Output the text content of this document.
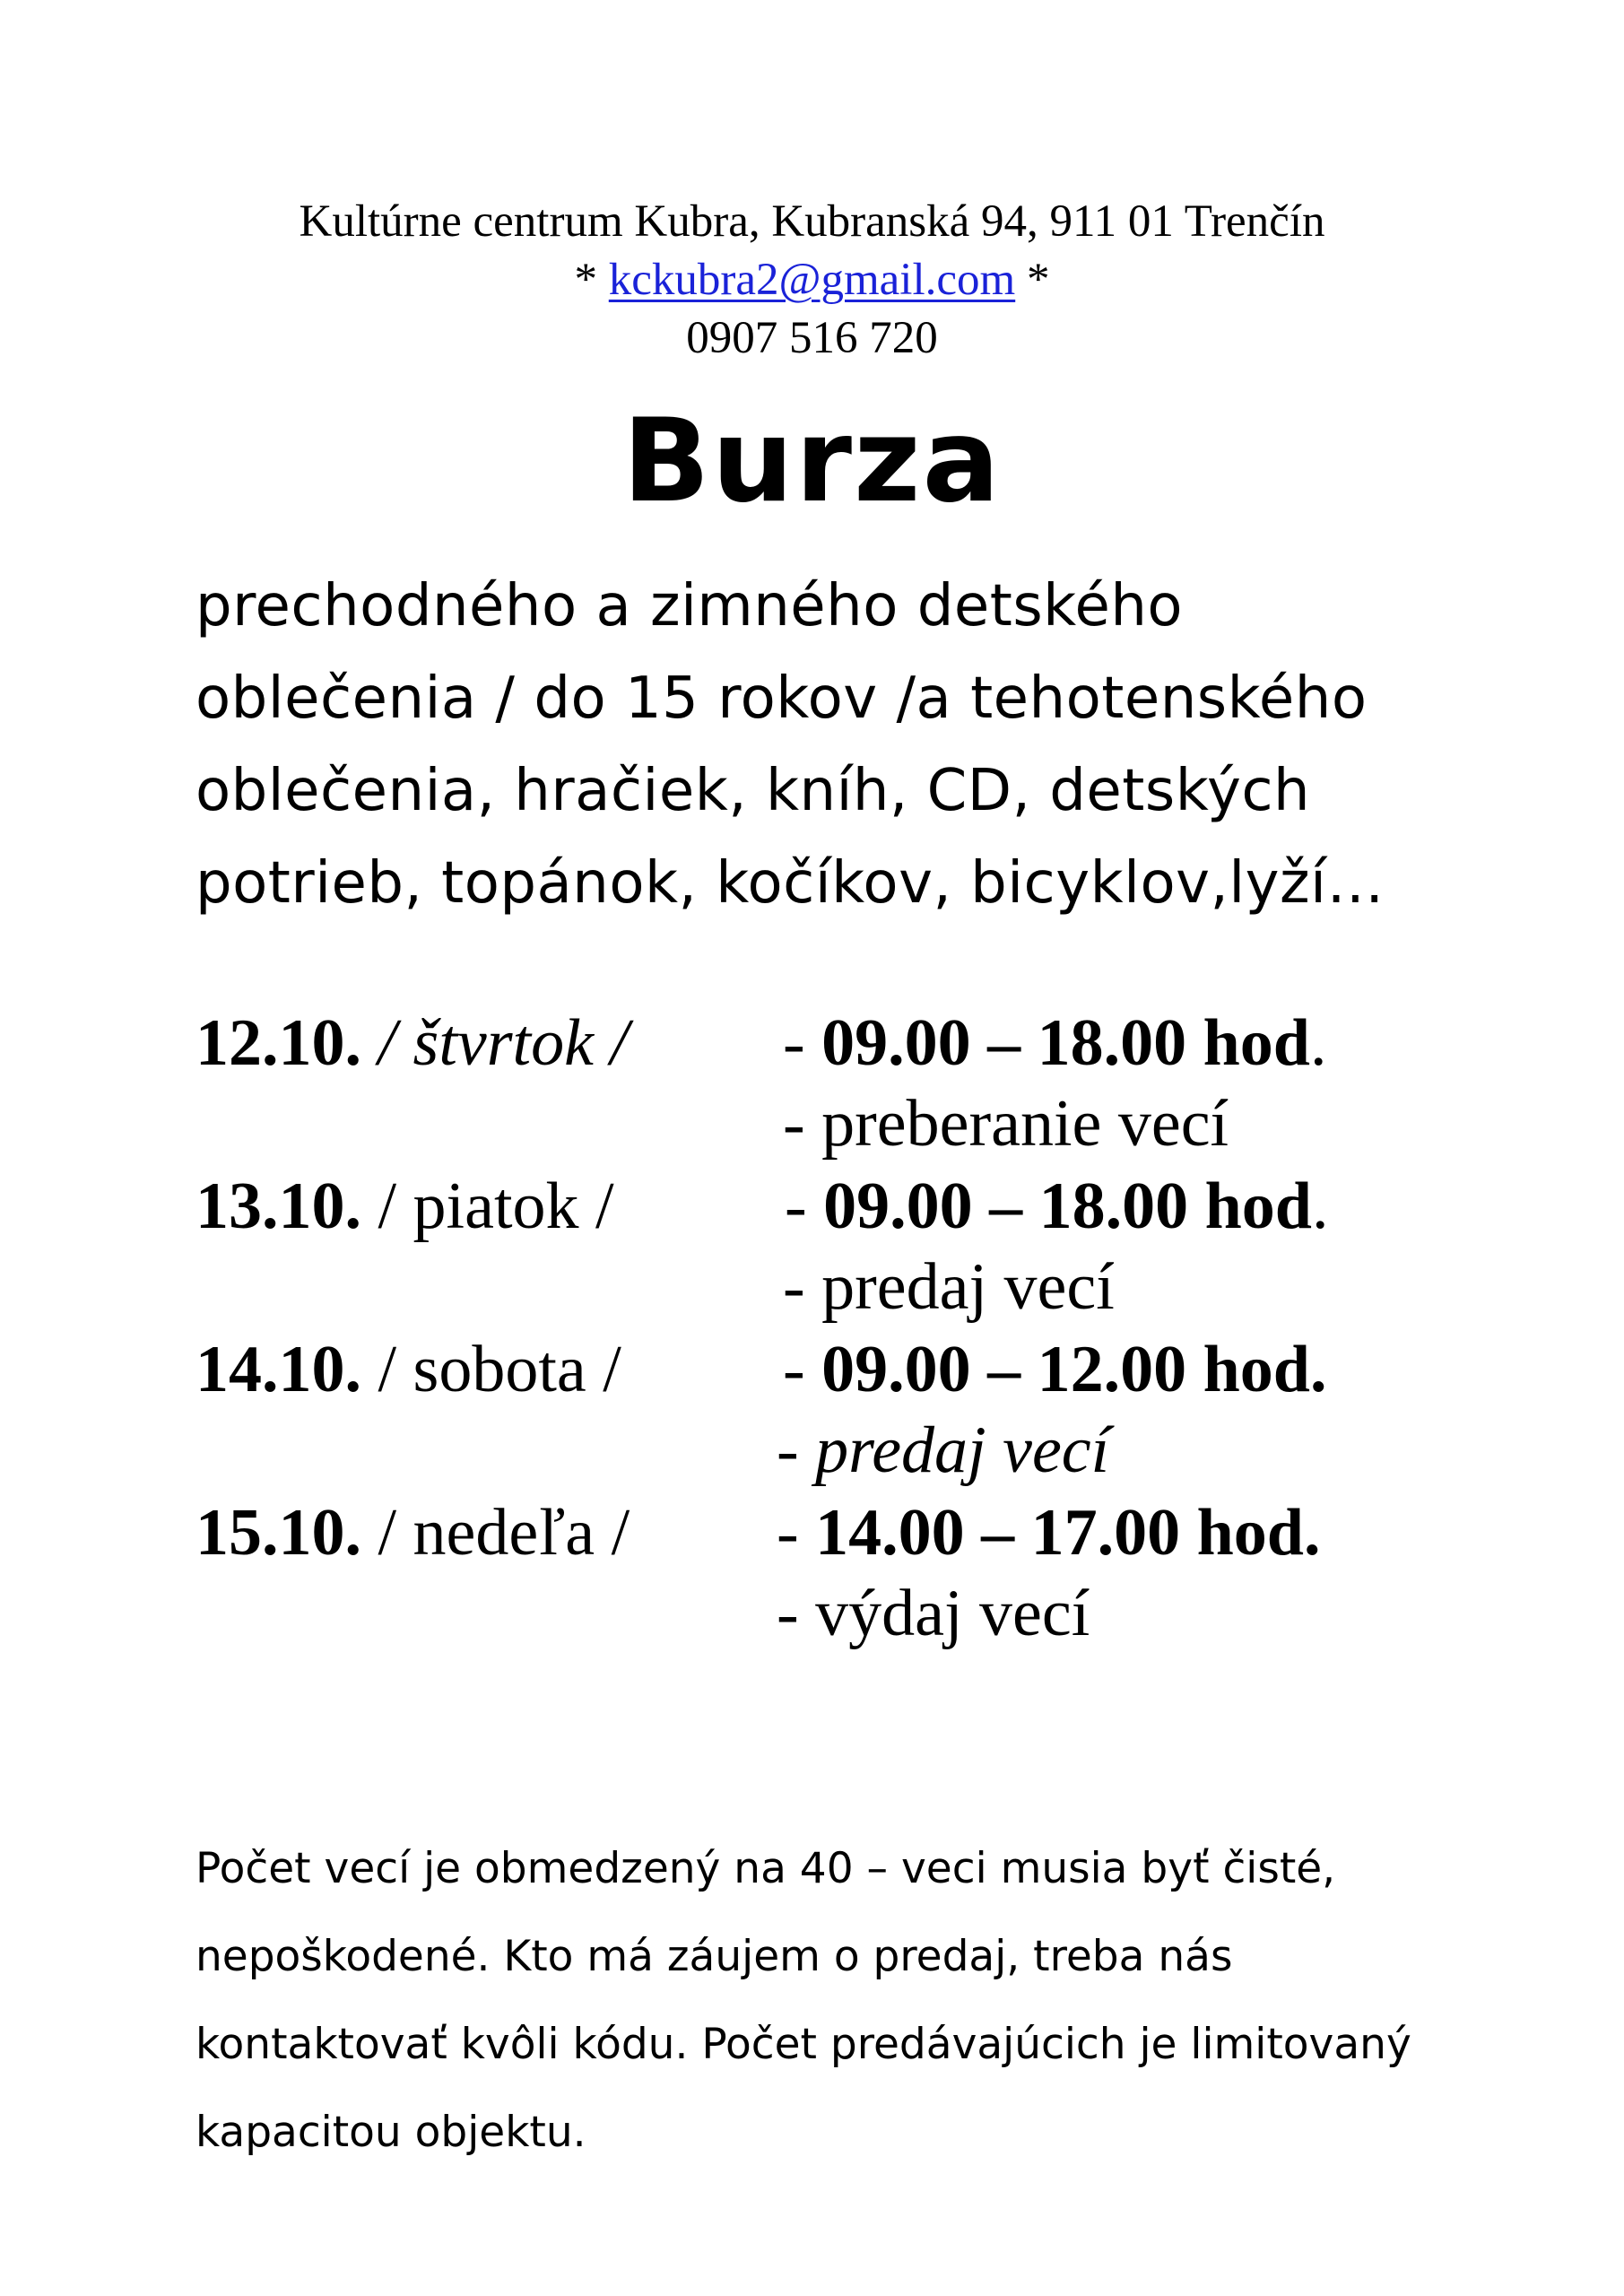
Kultúrne centrum Kubra, Kubranská 94, 911 01 Trenčín
* kckubra2@gmail.com *
0907 516 720
Burza
prechodného a zimného detského oblečenia / do 15 rokov /a tehotenského oblečenia, hračiek, kníh, CD, detských potrieb, topánok, kočíkov, bicyklov,lyží…
12.10. / štvrtok / - 09.00 – 18.00 hod.
- preberanie vecí
13.10. / piatok /	- 09.00 – 18.00 hod.
- predaj vecí
14.10. / sobota / - 09.00 – 12.00 hod.
- predaj vecí
15.10. / nedeľa / - 14.00 – 17.00 hod.
- výdaj vecí
Počet vecí je obmedzený na 40 – veci musia byť čisté, nepoškodené. Kto má záujem o predaj, treba nás kontaktovať kvôli kódu. Počet predávajúcich je limitovaný kapacitou objektu.
